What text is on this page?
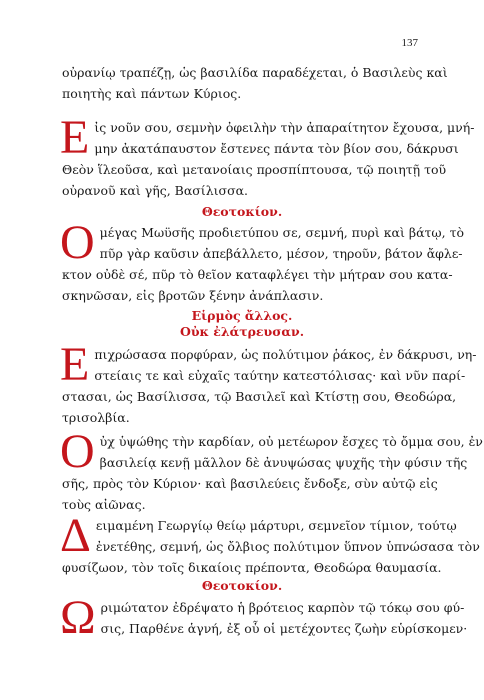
137
οὐρανίῳ τραπέζῃ, ὡς βασιλίδα παραδέχεται, ὁ Βασιλεὺς καὶ
ποιητὴς καὶ πάντων Κύριος.
Ε ἰς νοῦν σου, σεμνὴν ὀφειλὴν τὴν ἀπαραίτητον ἔχουσα, μνή-
μην ἀκατάπαυστον ἔστενες πάντα τὸν βίον σου, δάκρυσι
Θεὸν ἵλεοῦσα, καὶ μετανοίαις προσπίπτουσα, τῷ ποιητῇ τοῦ
οὐρανοῦ καὶ γῆς, Βασίλισσα.
Θεοτοκίον.
Ο μέγας Μωϋσῆς προδιετύπου σε, σεμνή, πυρὶ καὶ βάτῳ, τὸ
πῦρ γὰρ καῦσιν ἀπεβάλλετο, μέσον, τηροῦν, βάτον ἄφλε-
κτον οὐδὲ σέ, πῦρ τὸ θεῖον καταφλέγει τὴν μήτραν σου κατα-
σκηνῶσαν, εἰς βροτῶν ξένην ἀνάπλασιν.
Εἱρμὸς ἄλλος.
Οὐκ ἐλάτρευσαν.
Ε πιχρώσασα πορφύραν, ὡς πολύτιμον ῥάκος, ἐν δάκρυσι, νη-
στείαις τε καὶ εὐχαῖς ταύτην κατεστόλισας· καὶ νῦν παρί-
στασαι, ὡς Βασίλισσα, τῷ Βασιλεῖ καὶ Κτίστῃ σου, Θεοδώρα,
τρισολβία.
Ο ὐχ ὑψώθης τὴν καρδίαν, οὐ μετέωρον ἔσχες τὸ ὄμμα σου, ἐν
βασιλείᾳ κενῇ μᾶλλον δὲ ἀνυψώσας ψυχῆς τὴν φύσιν τῆς
σῆς, πρὸς τὸν Κύριον· καὶ βασιλεύεις ἔνδοξε, σὺν αὐτῷ εἰς
τοὺς αἰῶνας.
Δ ειμαμένη Γεωργίῳ θείῳ μάρτυρι, σεμνεῖον τίμιον, τούτῳ
ἐνετέθης, σεμνή, ὡς ὄλβιος πολύτιμον ὕπνον ὑπνώσασα τὸν
φυσίζωον, τὸν τοῖς δικαίοις πρέποντα, Θεοδώρα θαυμασία.
Θεοτοκίον.
Ω ριμώτατον ἐδρέψατο ἡ βρότειος καρπὸν τῷ τόκῳ σου φύ-
σις, Παρθένε ἁγνή, ἐξ οὗ οἱ μετέχοντες ζωὴν εὑρίσκομεν·
